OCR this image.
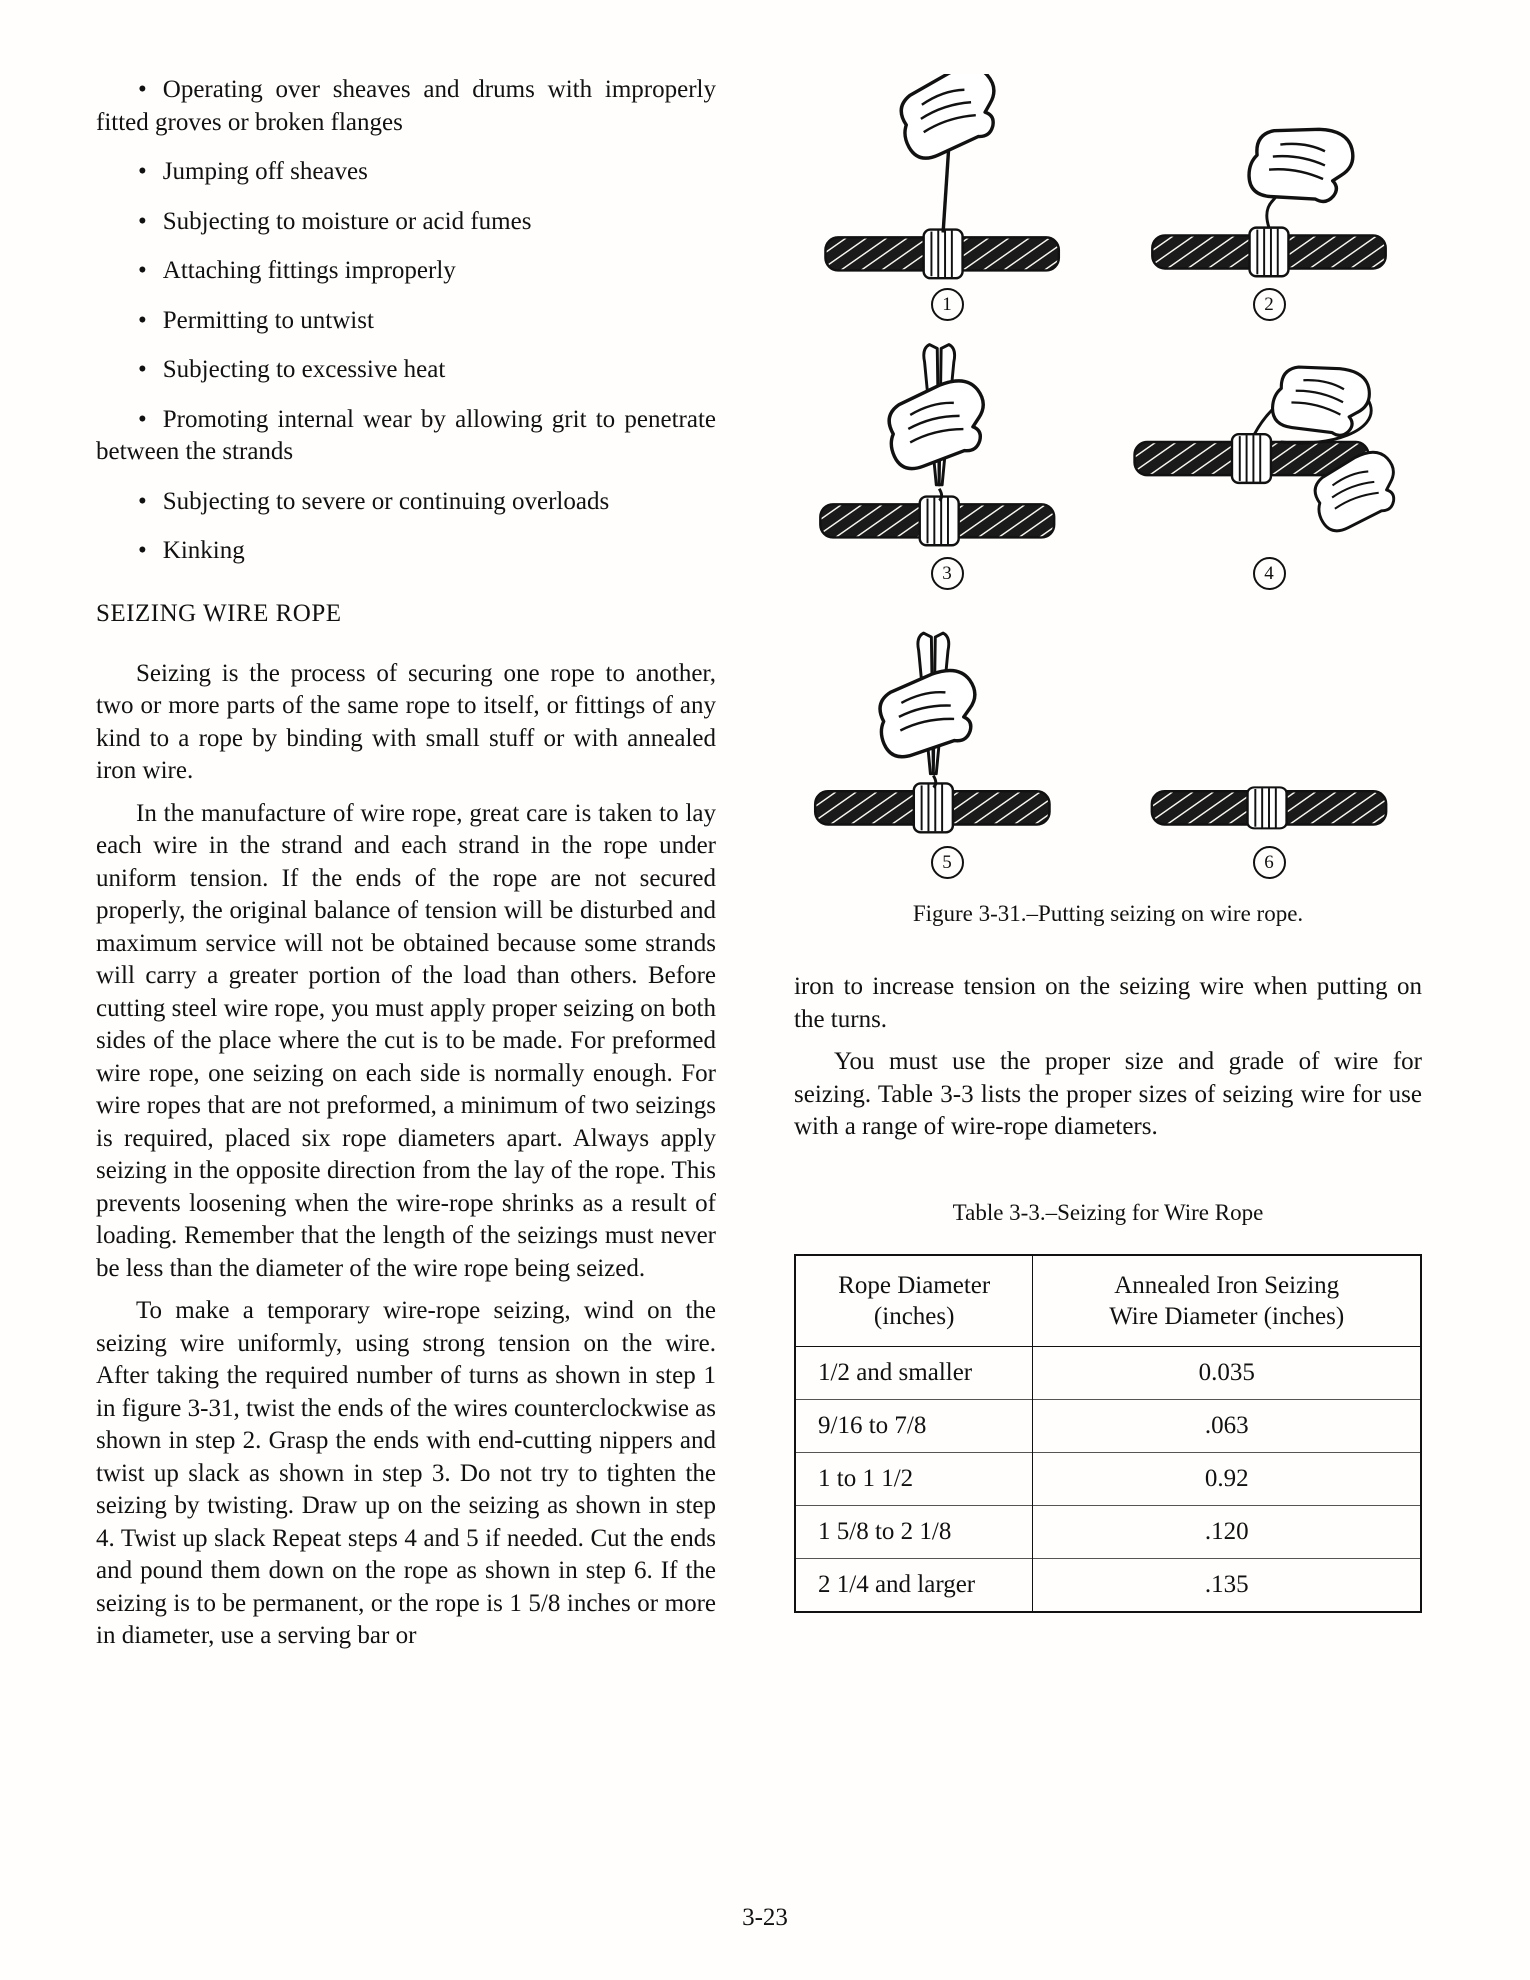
• Operating over sheaves and drums with improperly fitted groves or broken flanges

• Jumping off sheaves

• Subjecting to moisture or acid fumes

• Attaching fittings improperly

• Permitting to untwist

• Subjecting to excessive heat

• Promoting internal wear by allowing grit to penetrate between the strands

• Subjecting to severe or continuing overloads

• Kinking

SEIZING WIRE ROPE

Seizing is the process of securing one rope to another, two or more parts of the same rope to itself, or fittings of any kind to a rope by binding with small stuff or with annealed iron wire.

In the manufacture of wire rope, great care is taken to lay each wire in the strand and each strand in the rope under uniform tension. If the ends of the rope are not secured properly, the original balance of tension will be disturbed and maximum service will not be obtained because some strands will carry a greater portion of the load than others. Before cutting steel wire rope, you must apply proper seizing on both sides of the place where the cut is to be made. For preformed wire rope, one seizing on each side is normally enough. For wire ropes that are not preformed, a minimum of two seizings is required, placed six rope diameters apart. Always apply seizing in the opposite direction from the lay of the rope. This prevents loosening when the wire-rope shrinks as a result of loading. Remember that the length of the seizings must never be less than the diameter of the wire rope being seized.

To make a temporary wire-rope seizing, wind on the seizing wire uniformly, using strong tension on the wire. After taking the required number of turns as shown in step 1 in figure 3-31, twist the ends of the wires counterclockwise as shown in step 2. Grasp the ends with end-cutting nippers and twist up slack as shown in step 3. Do not try to tighten the seizing by twisting. Draw up on the seizing as shown in step 4. Twist up slack Repeat steps 4 and 5 if needed. Cut the ends and pound them down on the rope as shown in step 6. If the seizing is to be permanent, or the rope is 1 5/8 inches or more in diameter, use a serving bar or

1	2
3	4
5	6
Figure 3-31.–Putting seizing on wire rope.

iron to increase tension on the seizing wire when putting on the turns.

You must use the proper size and grade of wire for seizing. Table 3-3 lists the proper sizes of seizing wire for use with a range of wire-rope diameters.

Table 3-3.–Seizing for Wire Rope
Rope Diameter
(inches)	Annealed Iron Seizing
Wire Diameter (inches)

1/2 and smaller	0.035
9/16 to 7/8	.063
1 to 1 1/2	0.92
1 5/8 to 2 1/8	.120
2 1/4 and larger	.135
3-23
